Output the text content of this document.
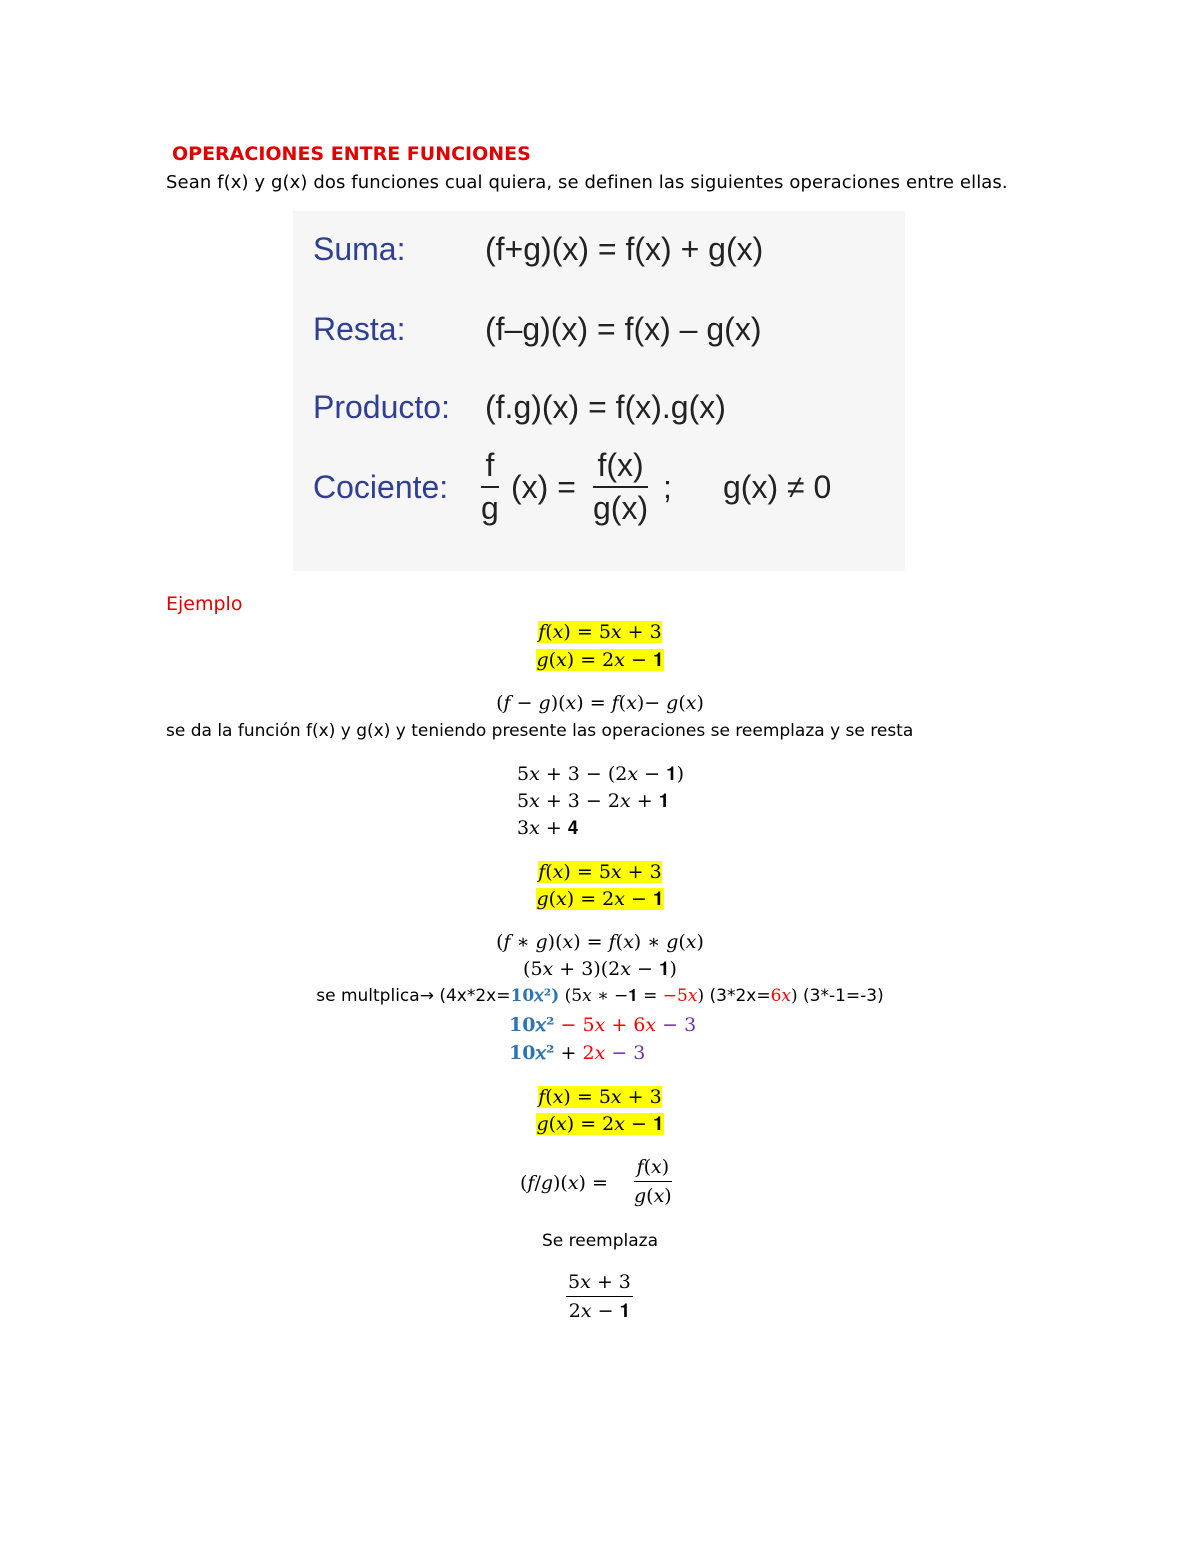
OPERACIONES ENTRE FUNCIONES
Sean f(x) y g(x) dos funciones cual quiera, se definen las siguientes operaciones entre ellas.
Suma: (f+g)(x) = f(x) + g(x)
Resta: (f–g)(x) = f(x) – g(x)
Producto: (f.g)(x) = f(x).g(x)
Cociente: $\frac{f}{g} (x) = \frac{f(x)}{g(x)}$ ; g(x) ≠ 0
Ejemplo
𝑓(𝑥) = 5𝑥 + 3
𝑔(𝑥) = 2𝑥 − 𝟏
(𝑓 − 𝑔)(𝑥) = 𝑓(𝑥)− 𝑔(𝑥)
se da la función f(x) y g(x) y teniendo presente las operaciones se reemplaza y se resta
5𝑥 + 3 − (2𝑥 − 𝟏)
5𝑥 + 3 − 2𝑥 + 𝟏
3𝑥 + 𝟒
𝑓(𝑥) = 5𝑥 + 3
𝑔(𝑥) = 2𝑥 − 𝟏
(𝑓 ∗ 𝑔)(𝑥) = 𝑓(𝑥) ∗ 𝑔(𝑥)
(5𝑥 + 3)(2𝑥 − 𝟏)
se multplica→ (4x*2x=10𝑥²) (5𝑥 ∗ −𝟏 = −5𝑥) (3*2x=6𝑥) (3*-1=-3)
10𝑥² − 5𝑥 + 6𝑥 − 3
10𝑥² + 2𝑥 − 3
𝑓(𝑥) = 5𝑥 + 3
𝑔(𝑥) = 2𝑥 − 𝟏
(𝑓/𝑔)(𝑥) =
𝑓(𝑥)
𝑔(𝑥)
Se reemplaza
5𝑥 + 3
2𝑥 − 𝟏
